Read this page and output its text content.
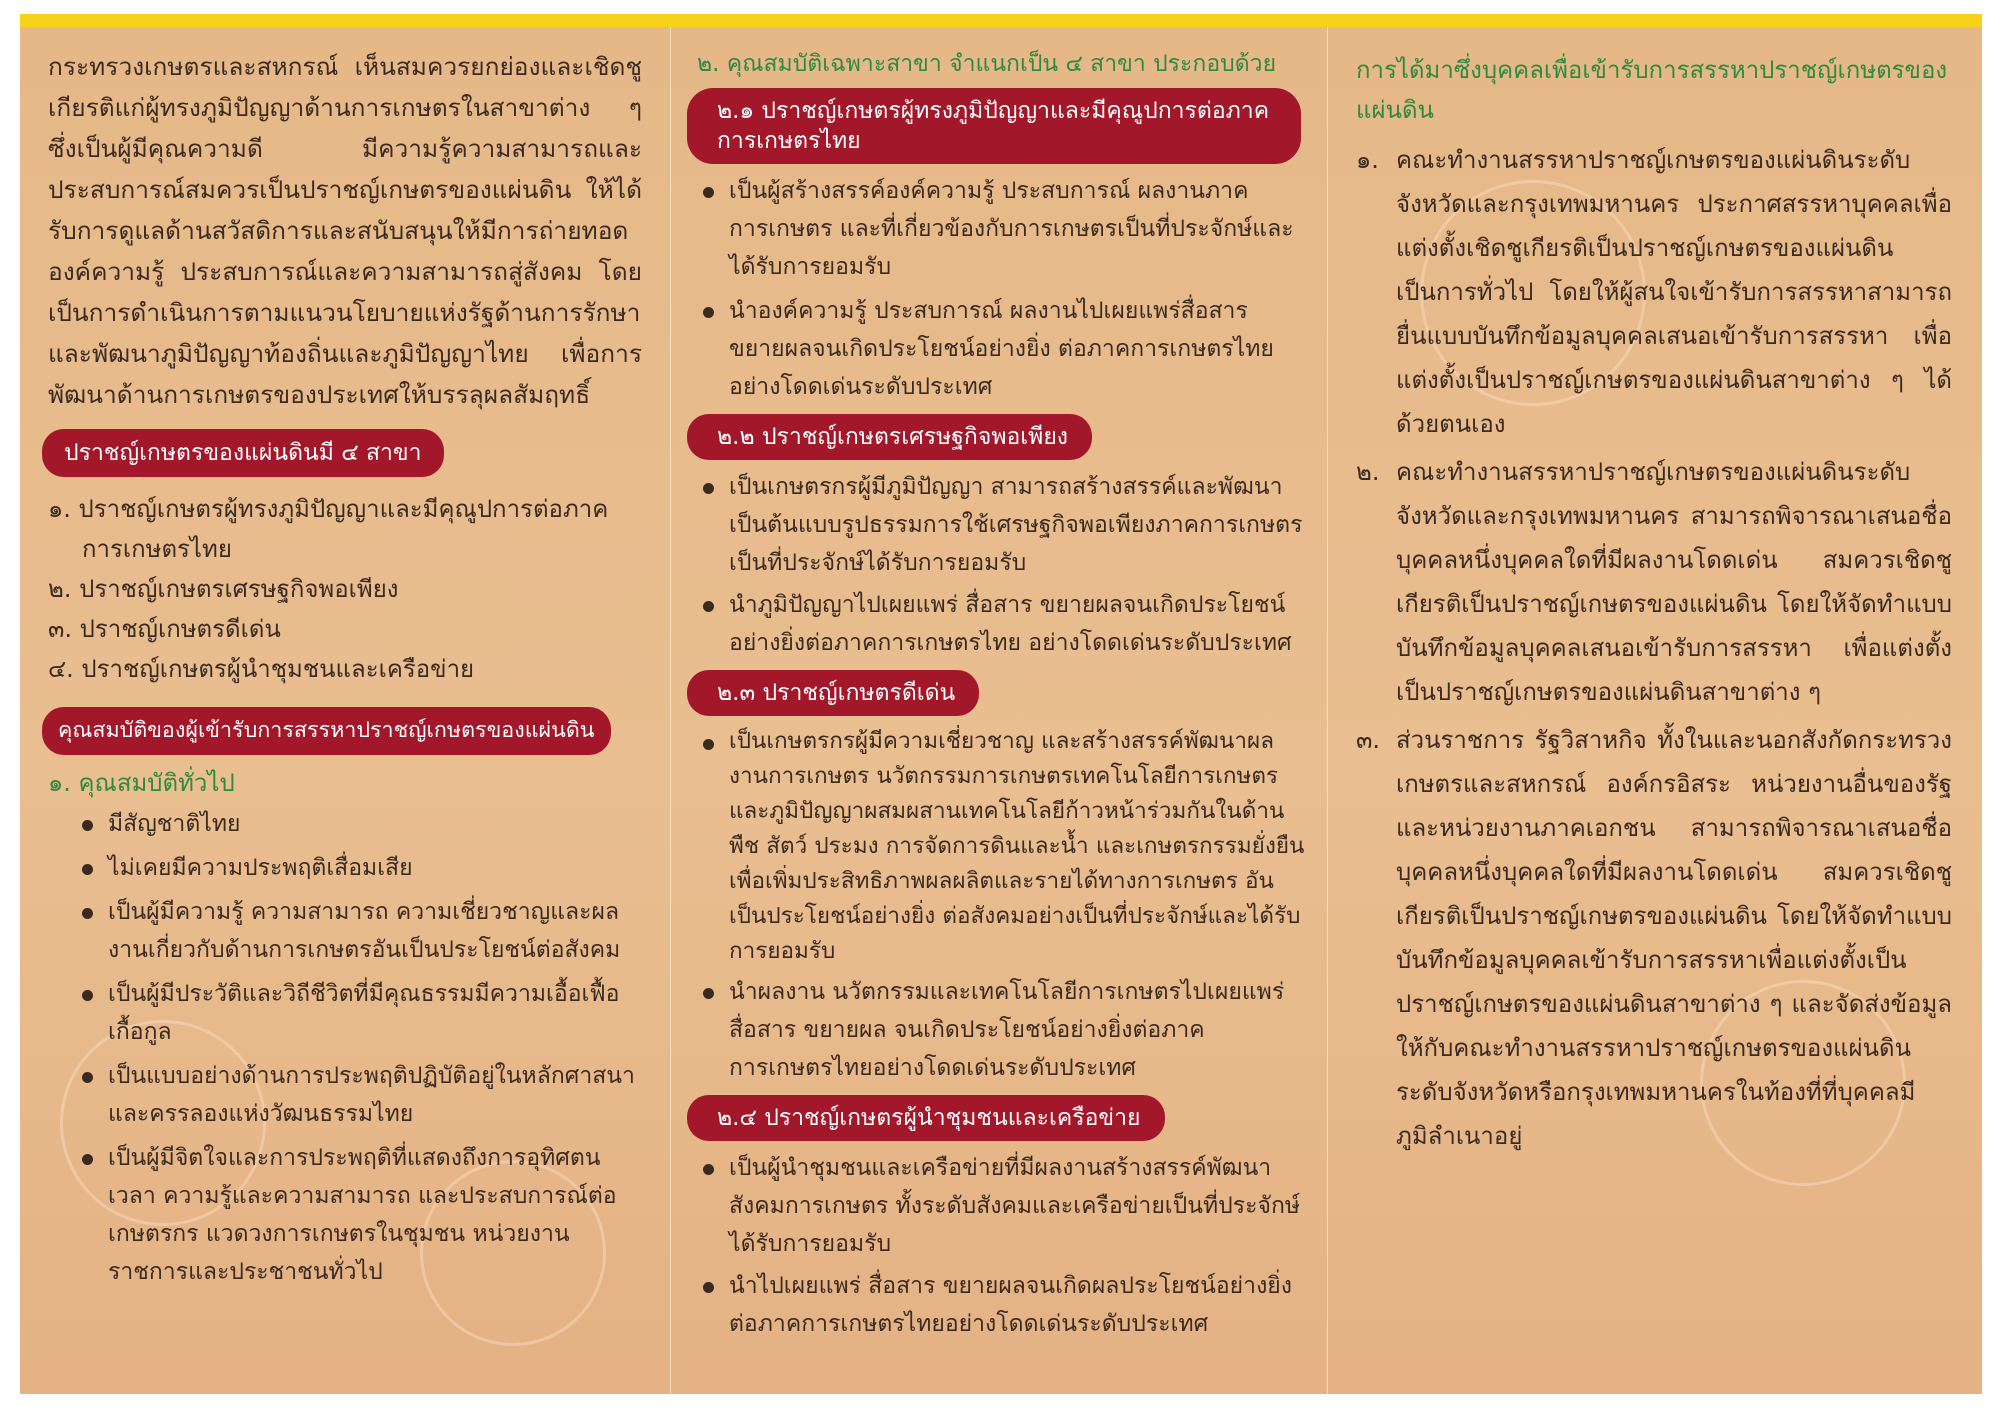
กระทรวงเกษตรและสหกรณ์ เห็นสมควรยกย่องและเชิดชูเกียรติแก่ผู้ทรงภูมิปัญญาด้านการเกษตรในสาขาต่าง ๆ ซึ่งเป็นผู้มีคุณความดี มีความรู้ความสามารถและประสบการณ์สมควรเป็นปราชญ์เกษตรของแผ่นดิน ให้ได้รับการดูแลด้านสวัสดิการและสนับสนุนให้มีการถ่ายทอดองค์ความรู้ ประสบการณ์และความสามารถสู่สังคม โดยเป็นการดำเนินการตามแนวนโยบายแห่งรัฐด้านการรักษาและพัฒนาภูมิปัญญาท้องถิ่นและภูมิปัญญาไทย เพื่อการพัฒนาด้านการเกษตรของประเทศให้บรรลุผลสัมฤทธิ์

ปราชญ์เกษตรของแผ่นดินมี ๔ สาขา
๑. ปราชญ์เกษตรผู้ทรงภูมิปัญญาและมีคุณูปการต่อภาคการเกษตรไทย
๒. ปราชญ์เกษตรเศรษฐกิจพอเพียง
๓. ปราชญ์เกษตรดีเด่น
๔. ปราชญ์เกษตรผู้นำชุมชนและเครือข่าย
คุณสมบัติของผู้เข้ารับการสรรหาปราชญ์เกษตรของแผ่นดิน
๑. คุณสมบัติทั่วไป
มีสัญชาติไทย
ไม่เคยมีความประพฤติเสื่อมเสีย
เป็นผู้มีความรู้ ความสามารถ ความเชี่ยวชาญและผลงานเกี่ยวกับด้านการเกษตรอันเป็นประโยชน์ต่อสังคม
เป็นผู้มีประวัติและวิถีชีวิตที่มีคุณธรรมมีความเอื้อเฟื้อเกื้อกูล
เป็นแบบอย่างด้านการประพฤติปฏิบัติอยู่ในหลักศาสนาและครรลองแห่งวัฒนธรรมไทย
เป็นผู้มีจิตใจและการประพฤติที่แสดงถึงการอุทิศตนเวลา ความรู้และความสามารถ และประสบการณ์ต่อเกษตรกร แวดวงการเกษตรในชุมชน หน่วยงานราชการและประชาชนทั่วไป
๒. คุณสมบัติเฉพาะสาขา จำแนกเป็น ๔ สาขา ประกอบด้วย
๒.๑ ปราชญ์เกษตรผู้ทรงภูมิปัญญาและมีคุณูปการต่อภาคการเกษตรไทย
เป็นผู้สร้างสรรค์องค์ความรู้ ประสบการณ์ ผลงานภาคการเกษตร และที่เกี่ยวข้องกับการเกษตรเป็นที่ประจักษ์และได้รับการยอมรับ
นำองค์ความรู้ ประสบการณ์ ผลงานไปเผยแพร่สื่อสาร ขยายผลจนเกิดประโยชน์อย่างยิ่ง ต่อภาคการเกษตรไทยอย่างโดดเด่นระดับประเทศ
๒.๒ ปราชญ์เกษตรเศรษฐกิจพอเพียง
เป็นเกษตรกรผู้มีภูมิปัญญา สามารถสร้างสรรค์และพัฒนาเป็นต้นแบบรูปธรรมการใช้เศรษฐกิจพอเพียงภาคการเกษตร เป็นที่ประจักษ์ได้รับการยอมรับ
นำภูมิปัญญาไปเผยแพร่ สื่อสาร ขยายผลจนเกิดประโยชน์อย่างยิ่งต่อภาคการเกษตรไทย อย่างโดดเด่นระดับประเทศ
๒.๓ ปราชญ์เกษตรดีเด่น
เป็นเกษตรกรผู้มีความเชี่ยวชาญ และสร้างสรรค์พัฒนาผลงานการเกษตร นวัตกรรมการเกษตรเทคโนโลยีการเกษตร และภูมิปัญญาผสมผสานเทคโนโลยีก้าวหน้าร่วมกันในด้านพืช สัตว์ ประมง การจัดการดินและน้ำ และเกษตรกรรมยั่งยืน เพื่อเพิ่มประสิทธิภาพผลผลิตและรายได้ทางการเกษตร อันเป็นประโยชน์อย่างยิ่ง ต่อสังคมอย่างเป็นที่ประจักษ์และได้รับการยอมรับ
นำผลงาน นวัตกรรมและเทคโนโลยีการเกษตรไปเผยแพร่ สื่อสาร ขยายผล จนเกิดประโยชน์อย่างยิ่งต่อภาคการเกษตรไทยอย่างโดดเด่นระดับประเทศ
๒.๔ ปราชญ์เกษตรผู้นำชุมชนและเครือข่าย
เป็นผู้นำชุมชนและเครือข่ายที่มีผลงานสร้างสรรค์พัฒนาสังคมการเกษตร ทั้งระดับสังคมและเครือข่ายเป็นที่ประจักษ์ได้รับการยอมรับ
นำไปเผยแพร่ สื่อสาร ขยายผลจนเกิดผลประโยชน์อย่างยิ่งต่อภาคการเกษตรไทยอย่างโดดเด่นระดับประเทศ
การได้มาซึ่งบุคคลเพื่อเข้ารับการสรรหาปราชญ์เกษตรของแผ่นดิน
๑. คณะทำงานสรรหาปราชญ์เกษตรของแผ่นดินระดับจังหวัดและกรุงเทพมหานคร ประกาศสรรหาบุคคลเพื่อแต่งตั้งเชิดชูเกียรติเป็นปราชญ์เกษตรของแผ่นดินเป็นการทั่วไป โดยให้ผู้สนใจเข้ารับการสรรหาสามารถยื่นแบบบันทึกข้อมูลบุคคลเสนอเข้ารับการสรรหา เพื่อแต่งตั้งเป็นปราชญ์เกษตรของแผ่นดินสาขาต่าง ๆ ได้ด้วยตนเอง
๒. คณะทำงานสรรหาปราชญ์เกษตรของแผ่นดินระดับจังหวัดและกรุงเทพมหานคร สามารถพิจารณาเสนอชื่อบุคคลหนึ่งบุคคลใดที่มีผลงานโดดเด่น สมควรเชิดชูเกียรติเป็นปราชญ์เกษตรของแผ่นดิน โดยให้จัดทำแบบบันทึกข้อมูลบุคคลเสนอเข้ารับการสรรหา เพื่อแต่งตั้งเป็นปราชญ์เกษตรของแผ่นดินสาขาต่าง ๆ
๓. ส่วนราชการ รัฐวิสาหกิจ ทั้งในและนอกสังกัดกระทรวงเกษตรและสหกรณ์ องค์กรอิสระ หน่วยงานอื่นของรัฐ และหน่วยงานภาคเอกชน สามารถพิจารณาเสนอชื่อบุคคลหนึ่งบุคคลใดที่มีผลงานโดดเด่น สมควรเชิดชูเกียรติเป็นปราชญ์เกษตรของแผ่นดิน โดยให้จัดทำแบบบันทึกข้อมูลบุคคลเข้ารับการสรรหาเพื่อแต่งตั้งเป็นปราชญ์เกษตรของแผ่นดินสาขาต่าง ๆ และจัดส่งข้อมูลให้กับคณะทำงานสรรหาปราชญ์เกษตรของแผ่นดินระดับจังหวัดหรือกรุงเทพมหานครในท้องที่ที่บุคคลมีภูมิลำเนาอยู่
